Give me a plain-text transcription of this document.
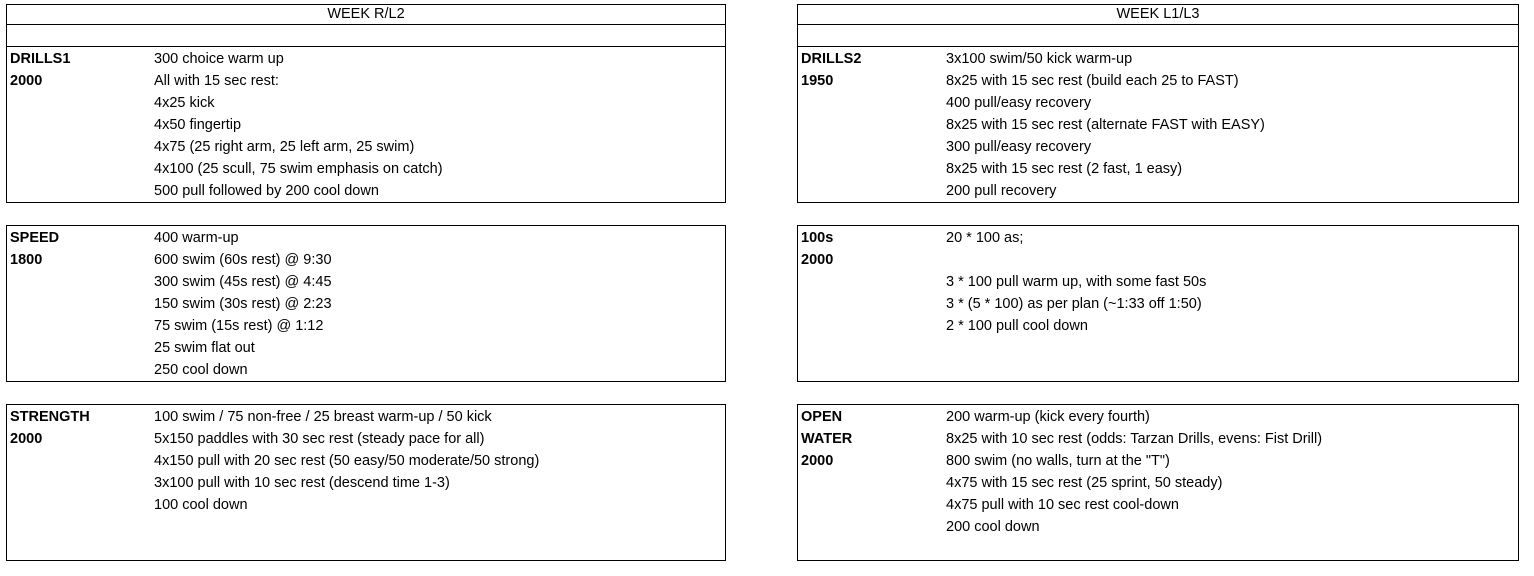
WEEK R/L2
DRILLS1
2000
300 choice warm up
All with 15 sec rest:
4x25 kick
4x50 fingertip
4x75 (25 right arm, 25 left arm, 25 swim)
4x100 (25 scull, 75 swim emphasis on catch)
500 pull followed by 200 cool down
SPEED
1800
400 warm-up
600 swim (60s rest) @ 9:30
300 swim (45s rest) @ 4:45
150 swim (30s rest) @ 2:23
75 swim (15s rest) @ 1:12
25 swim flat out
250 cool down
STRENGTH
2000
100 swim / 75 non-free / 25 breast warm-up / 50 kick
5x150 paddles with 30 sec rest (steady pace for all)
4x150 pull with 20 sec rest (50 easy/50 moderate/50 strong)
3x100 pull with 10 sec rest (descend time 1-3)
100 cool down
WEEK L1/L3
DRILLS2
1950
3x100 swim/50 kick warm-up
8x25 with 15 sec rest (build each 25 to FAST)
400 pull/easy recovery
8x25 with 15 sec rest (alternate FAST with EASY)
300 pull/easy recovery
8x25 with 15 sec rest (2 fast, 1 easy)
200 pull recovery
100s
2000
20 * 100 as;
3 * 100 pull warm up, with some fast 50s
3 * (5 * 100) as per plan (~1:33 off 1:50)
2 * 100 pull cool down
OPEN
WATER
2000
200 warm-up (kick every fourth)
8x25 with 10 sec rest (odds: Tarzan Drills, evens: Fist Drill)
800 swim (no walls, turn at the "T")
4x75 with 15 sec rest (25 sprint, 50 steady)
4x75 pull with 10 sec rest cool-down
200 cool down
